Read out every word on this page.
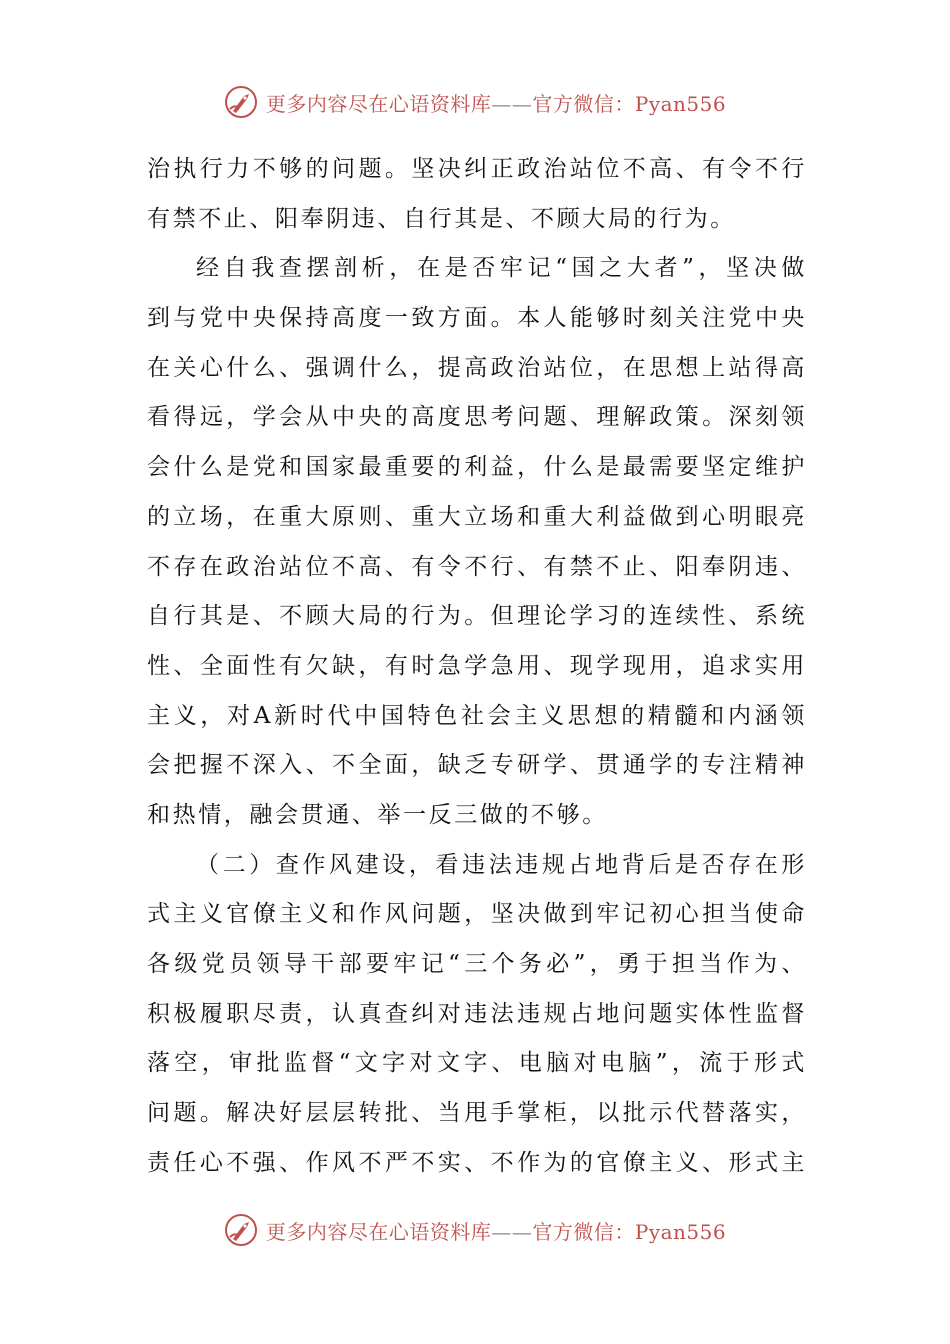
更多内容尽在心语资料库——官方微信：Pyan556
治执行力不够的问题。坚决纠正政治站位不高、有令不行
有禁不止、阳奉阴违、自行其是、不顾大局的行为。
经自我查摆剖析，在是否牢记“国之大者”，坚决做
到与党中央保持高度一致方面。本人能够时刻关注党中央
在关心什么、强调什么，提高政治站位，在思想上站得高
看得远，学会从中央的高度思考问题、理解政策。深刻领
会什么是党和国家最重要的利益，什么是最需要坚定维护
的立场，在重大原则、重大立场和重大利益做到心明眼亮
不存在政治站位不高、有令不行、有禁不止、阳奉阴违、
自行其是、不顾大局的行为。但理论学习的连续性、系统
性、全面性有欠缺，有时急学急用、现学现用，追求实用
主义，对A新时代中国特色社会主义思想的精髓和内涵领
会把握不深入、不全面，缺乏专研学、贯通学的专注精神
和热情，融会贯通、举一反三做的不够。
（二）查作风建设，看违法违规占地背后是否存在形
式主义官僚主义和作风问题，坚决做到牢记初心担当使命
各级党员领导干部要牢记“三个务必”，勇于担当作为、
积极履职尽责，认真查纠对违法违规占地问题实体性监督
落空，审批监督“文字对文字、电脑对电脑”，流于形式
问题。解决好层层转批、当甩手掌柜，以批示代替落实，
责任心不强、作风不严不实、不作为的官僚主义、形式主
更多内容尽在心语资料库——官方微信：Pyan556
